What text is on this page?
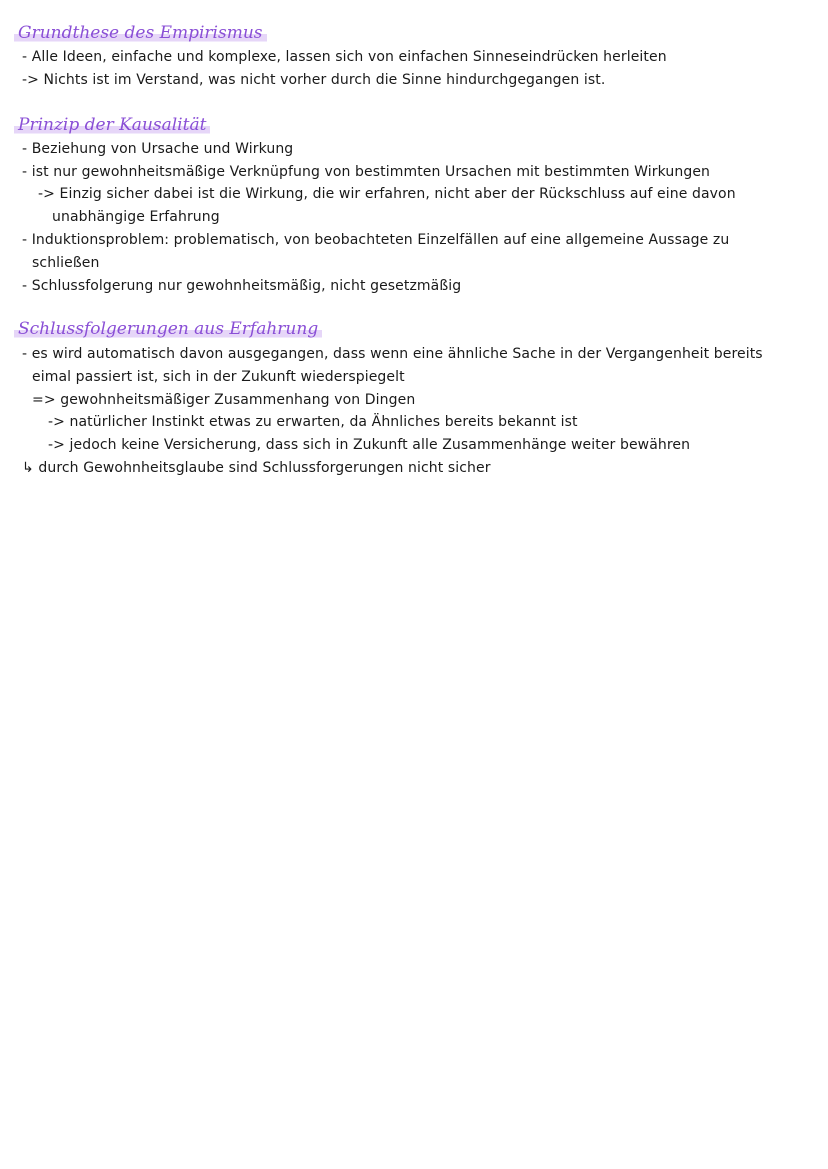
Grundthese des Empirismus
- Alle Ideen, einfache und komplexe, lassen sich von einfachen Sinneseindrücken herleiten
-> Nichts ist im Verstand, was nicht vorher durch die Sinne hindurchgegangen ist.
Prinzip der Kausalität
- Beziehung von Ursache und Wirkung
- ist nur gewohnheitsmäßige Verknüpfung von bestimmten Ursachen mit bestimmten Wirkungen
-> Einzig sicher dabei ist die Wirkung, die wir erfahren, nicht aber der Rückschluss auf eine davon
unabhängige Erfahrung
- Induktionsproblem: problematisch, von beobachteten Einzelfällen auf eine allgemeine Aussage zu
schließen
- Schlussfolgerung nur gewohnheitsmäßig, nicht gesetzmäßig
Schlussfolgerungen aus Erfahrung
- es wird automatisch davon ausgegangen, dass wenn eine ähnliche Sache in der Vergangenheit bereits
eimal passiert ist, sich in der Zukunft wiederspiegelt
=> gewohnheitsmäßiger Zusammenhang von Dingen
-> natürlicher Instinkt etwas zu erwarten, da Ähnliches bereits bekannt ist
-> jedoch keine Versicherung, dass sich in Zukunft alle Zusammenhänge weiter bewähren
↳ durch Gewohnheitsglaube sind Schlussforgerungen nicht sicher
